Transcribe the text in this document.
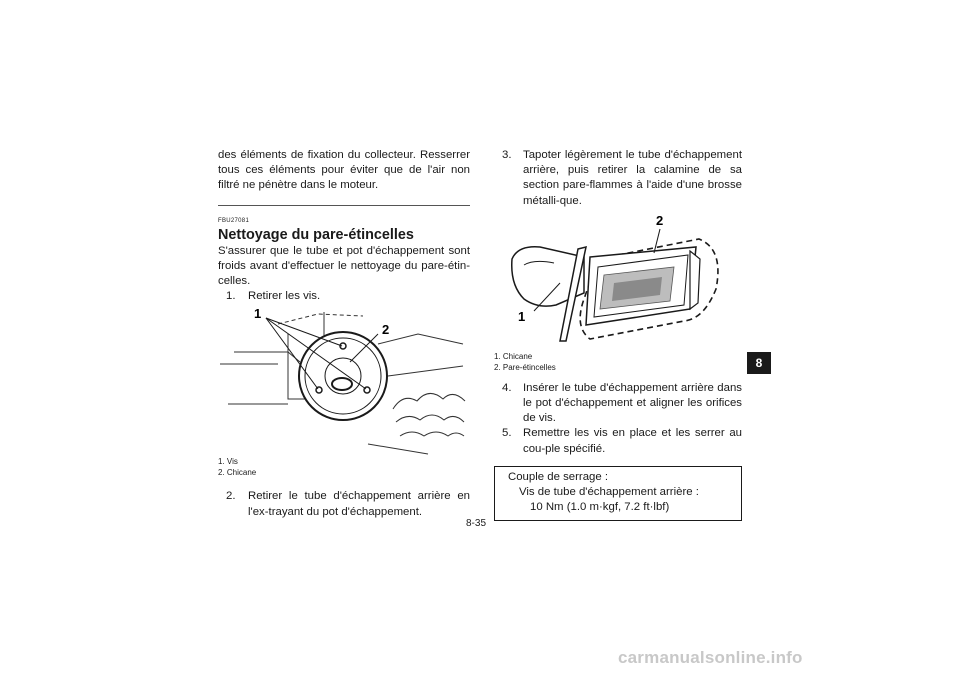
des éléments de fixation du collecteur. Resserrer tous ces éléments pour éviter que de l'air non filtré ne pénètre dans le moteur.

FBU27081
Nettoyage du pare-étincelles

S'assurer que le tube et pot d'échappement sont froids avant d'effectuer le nettoyage du pare-étin-celles.

1.	Retirer les vis.
1
2

1. Vis

2. Chicane

2.	Retirer le tube d'échappement arrière en l'ex-trayant du pot d'échappement.
3.	Tapoter légèrement le tube d'échappement arrière, puis retirer la calamine de sa section pare-flammes à l'aide d'une brosse métalli-que.
1
2

1. Chicane

2. Pare-étincelles

4.	Insérer le tube d'échappement arrière dans le pot d'échappement et aligner les orifices de vis.
5.	Remettre les vis en place et les serrer au cou-ple spécifié.
Couple de serrage :
Vis de tube d'échappement arrière :
10 Nm (1.0 m·kgf, 7.2 ft·lbf)
8
8-35
carmanualsonline.info
